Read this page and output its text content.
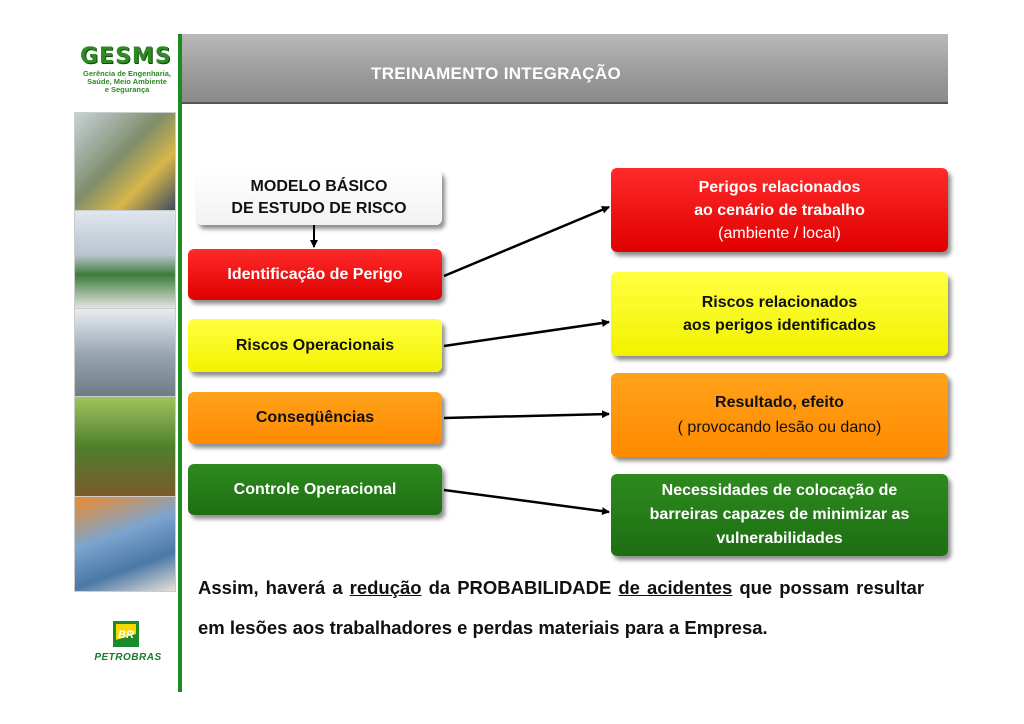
GESMS
Gerência de Engenharia,
Saúde, Meio Ambiente
e Segurança
BR
PETROBRAS
TREINAMENTO INTEGRAÇÃO
MODELO BÁSICO
DE ESTUDO DE RISCO
Identificação de Perigo
Riscos Operacionais
Conseqüências
Controle Operacional
Perigos relacionados
ao cenário de trabalho
(ambiente / local)
Riscos relacionados
aos perigos identificados
Resultado, efeito
( provocando lesão ou dano)
Necessidades de colocação de
barreiras capazes de minimizar as
vulnerabilidades
Assim, haverá a redução da PROBABILIDADE de acidentes que possam resultar em lesões aos trabalhadores e perdas materiais para a Empresa.
